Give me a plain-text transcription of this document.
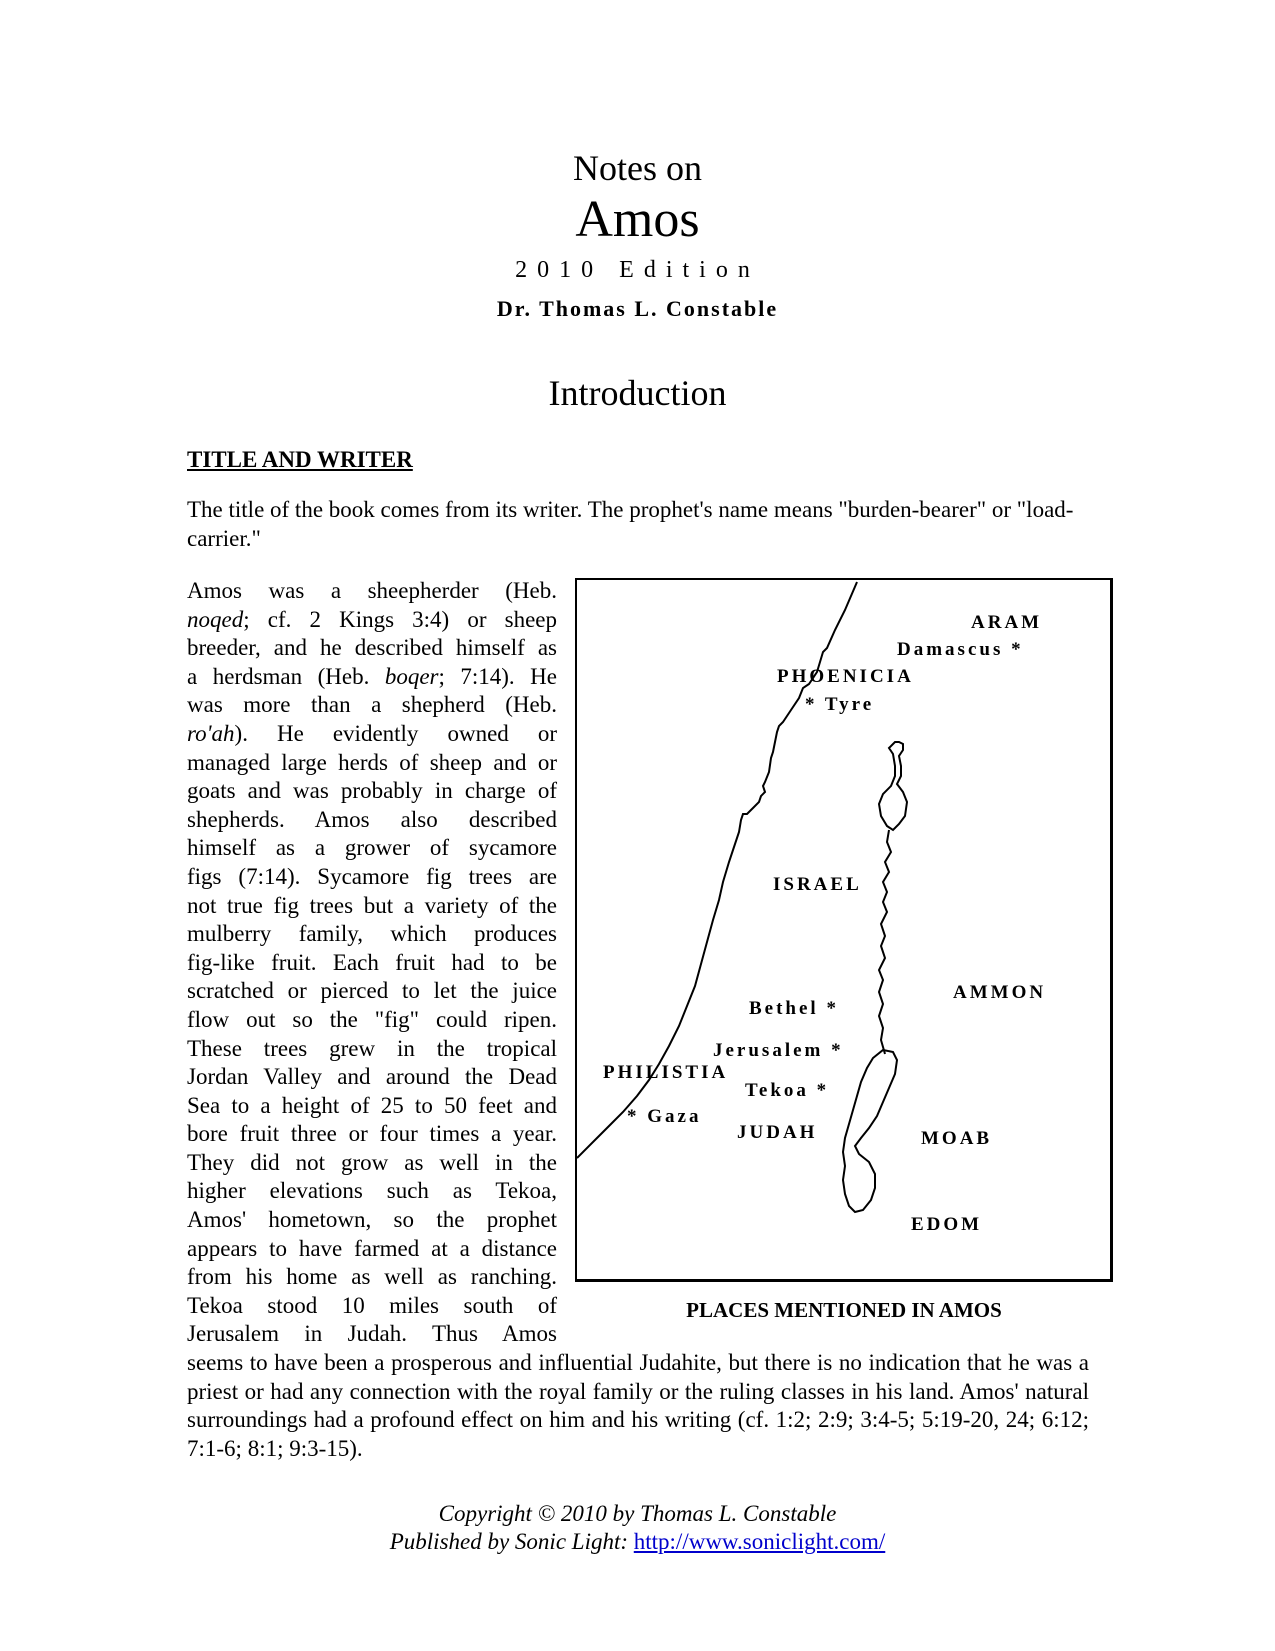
Notes on
Amos
2010 Edition
Dr. Thomas L. Constable
Introduction
TITLE AND WRITER
The title of the book comes from its writer. The prophet's name means "burden-bearer" or "load-carrier."
Amos was a sheepherder (Heb.
noqed; cf. 2 Kings 3:4) or sheep
breeder, and he described himself as
a herdsman (Heb. boqer; 7:14). He
was more than a shepherd (Heb.
ro'ah). He evidently owned or
managed large herds of sheep and or
goats and was probably in charge of
shepherds. Amos also described
himself as a grower of sycamore
figs (7:14). Sycamore fig trees are
not true fig trees but a variety of the
mulberry family, which produces
fig-like fruit. Each fruit had to be
scratched or pierced to let the juice
flow out so the "fig" could ripen.
These trees grew in the tropical
Jordan Valley and around the Dead
Sea to a height of 25 to 50 feet and
bore fruit three or four times a year.
They did not grow as well in the
higher elevations such as Tekoa,
Amos' hometown, so the prophet
appears to have farmed at a distance
from his home as well as ranching.
Tekoa stood 10 miles south of
Jerusalem in Judah. Thus Amos
ARAM
Damascus *
PHOENICIA
* Tyre
ISRAEL
AMMON
Bethel *
Jerusalem *
PHILISTIA
Tekoa *
* Gaza
JUDAH	MOAB
EDOM
PLACES MENTIONED IN AMOS
seems to have been a prosperous and influential Judahite, but there is no indication that he was a priest or had any connection with the royal family or the ruling classes in his land. Amos' natural surroundings had a profound effect on him and his writing (cf. 1:2; 2:9; 3:4-5; 5:19-20, 24; 6:12; 7:1-6; 8:1; 9:3-15).
Copyright © 2010 by Thomas L. Constable
Published by Sonic Light: http://www.soniclight.com/
